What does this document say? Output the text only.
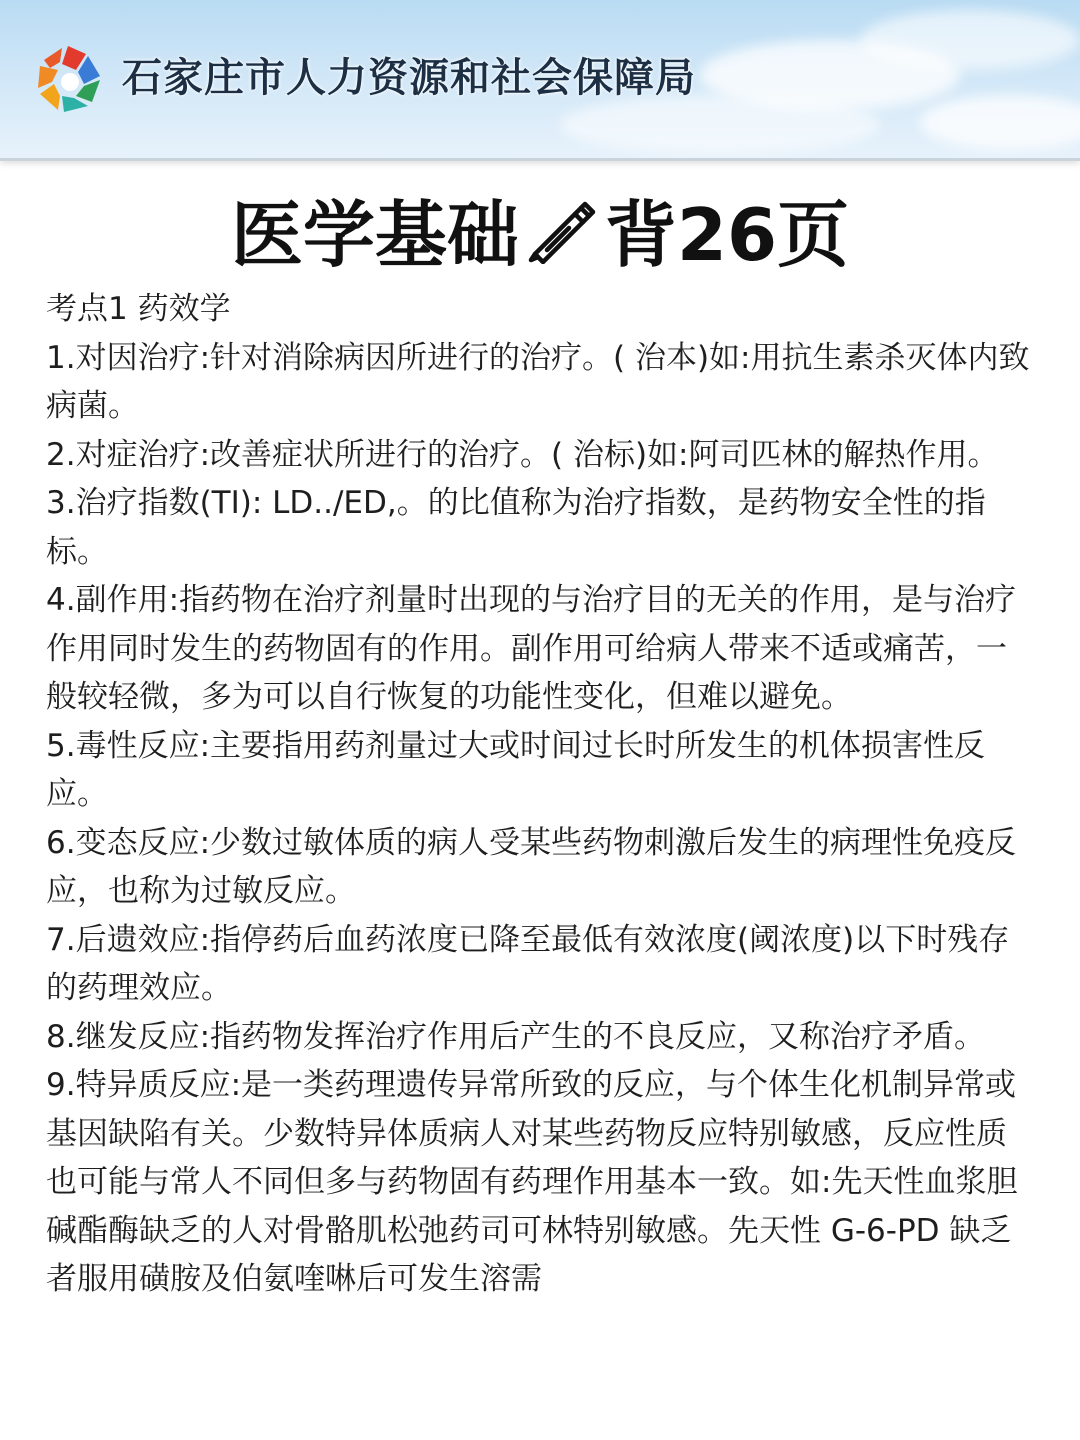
石家庄市人力资源和社会保障局
医学基础 背26页

考点1 药效学

1.对因治疗:针对消除病因所进行的治疗。( 治本)如:用抗生素杀灭体内致病菌。

2.对症治疗:改善症状所进行的治疗。( 治标)如:阿司匹林的解热作用。

3.治疗指数(TI): LD../ED,。的比值称为治疗指数，是药物安全性的指标。

4.副作用:指药物在治疗剂量时出现的与治疗目的无关的作用，是与治疗作用同时发生的药物固有的作用。副作用可给病人带来不适或痛苦，一般较轻微，多为可以自行恢复的功能性变化，但难以避免。

5.毒性反应:主要指用药剂量过大或时间过长时所发生的机体损害性反应。

6.变态反应:少数过敏体质的病人受某些药物刺激后发生的病理性免疫反应，也称为过敏反应。

7.后遗效应:指停药后血药浓度已降至最低有效浓度(阈浓度)以下时残存的药理效应。

8.继发反应:指药物发挥治疗作用后产生的不良反应，又称治疗矛盾。

9.特异质反应:是一类药理遗传异常所致的反应，与个体生化机制异常或基因缺陷有关。少数特异体质病人对某些药物反应特别敏感，反应性质也可能与常人不同但多与药物固有药理作用基本一致。如:先天性血浆胆碱酯酶缺乏的人对骨骼肌松弛药司可林特别敏感。先天性 G-6-PD 缺乏者服用磺胺及伯氨喹啉后可发生溶需
